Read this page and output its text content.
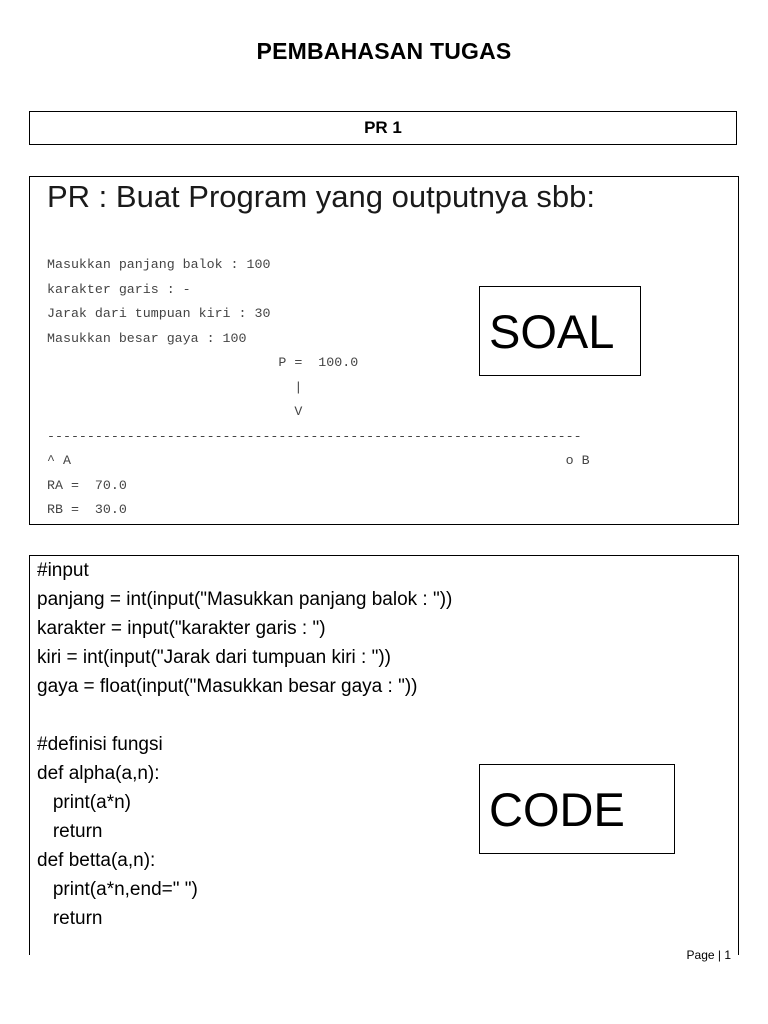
PEMBAHASAN TUGAS
PR 1
PR : Buat Program yang outputnya sbb:
Masukkan panjang balok : 100
karakter garis : -
Jarak dari tumpuan kiri : 30
Masukkan besar gaya : 100
P =  100.0
|
V
-------------------------------------------------------------------
^ A                                                              o B
RA =  70.0
RB =  30.0
SOAL
#input
panjang = int(input("Masukkan panjang balok : "))
karakter = input("karakter garis : ")
kiri = int(input("Jarak dari tumpuan kiri : "))
gaya = float(input("Masukkan besar gaya : "))

#definisi fungsi
def alpha(a,n):
print(a*n)
return
def betta(a,n):
print(a*n,end=" ")
return
CODE
Page | 1
